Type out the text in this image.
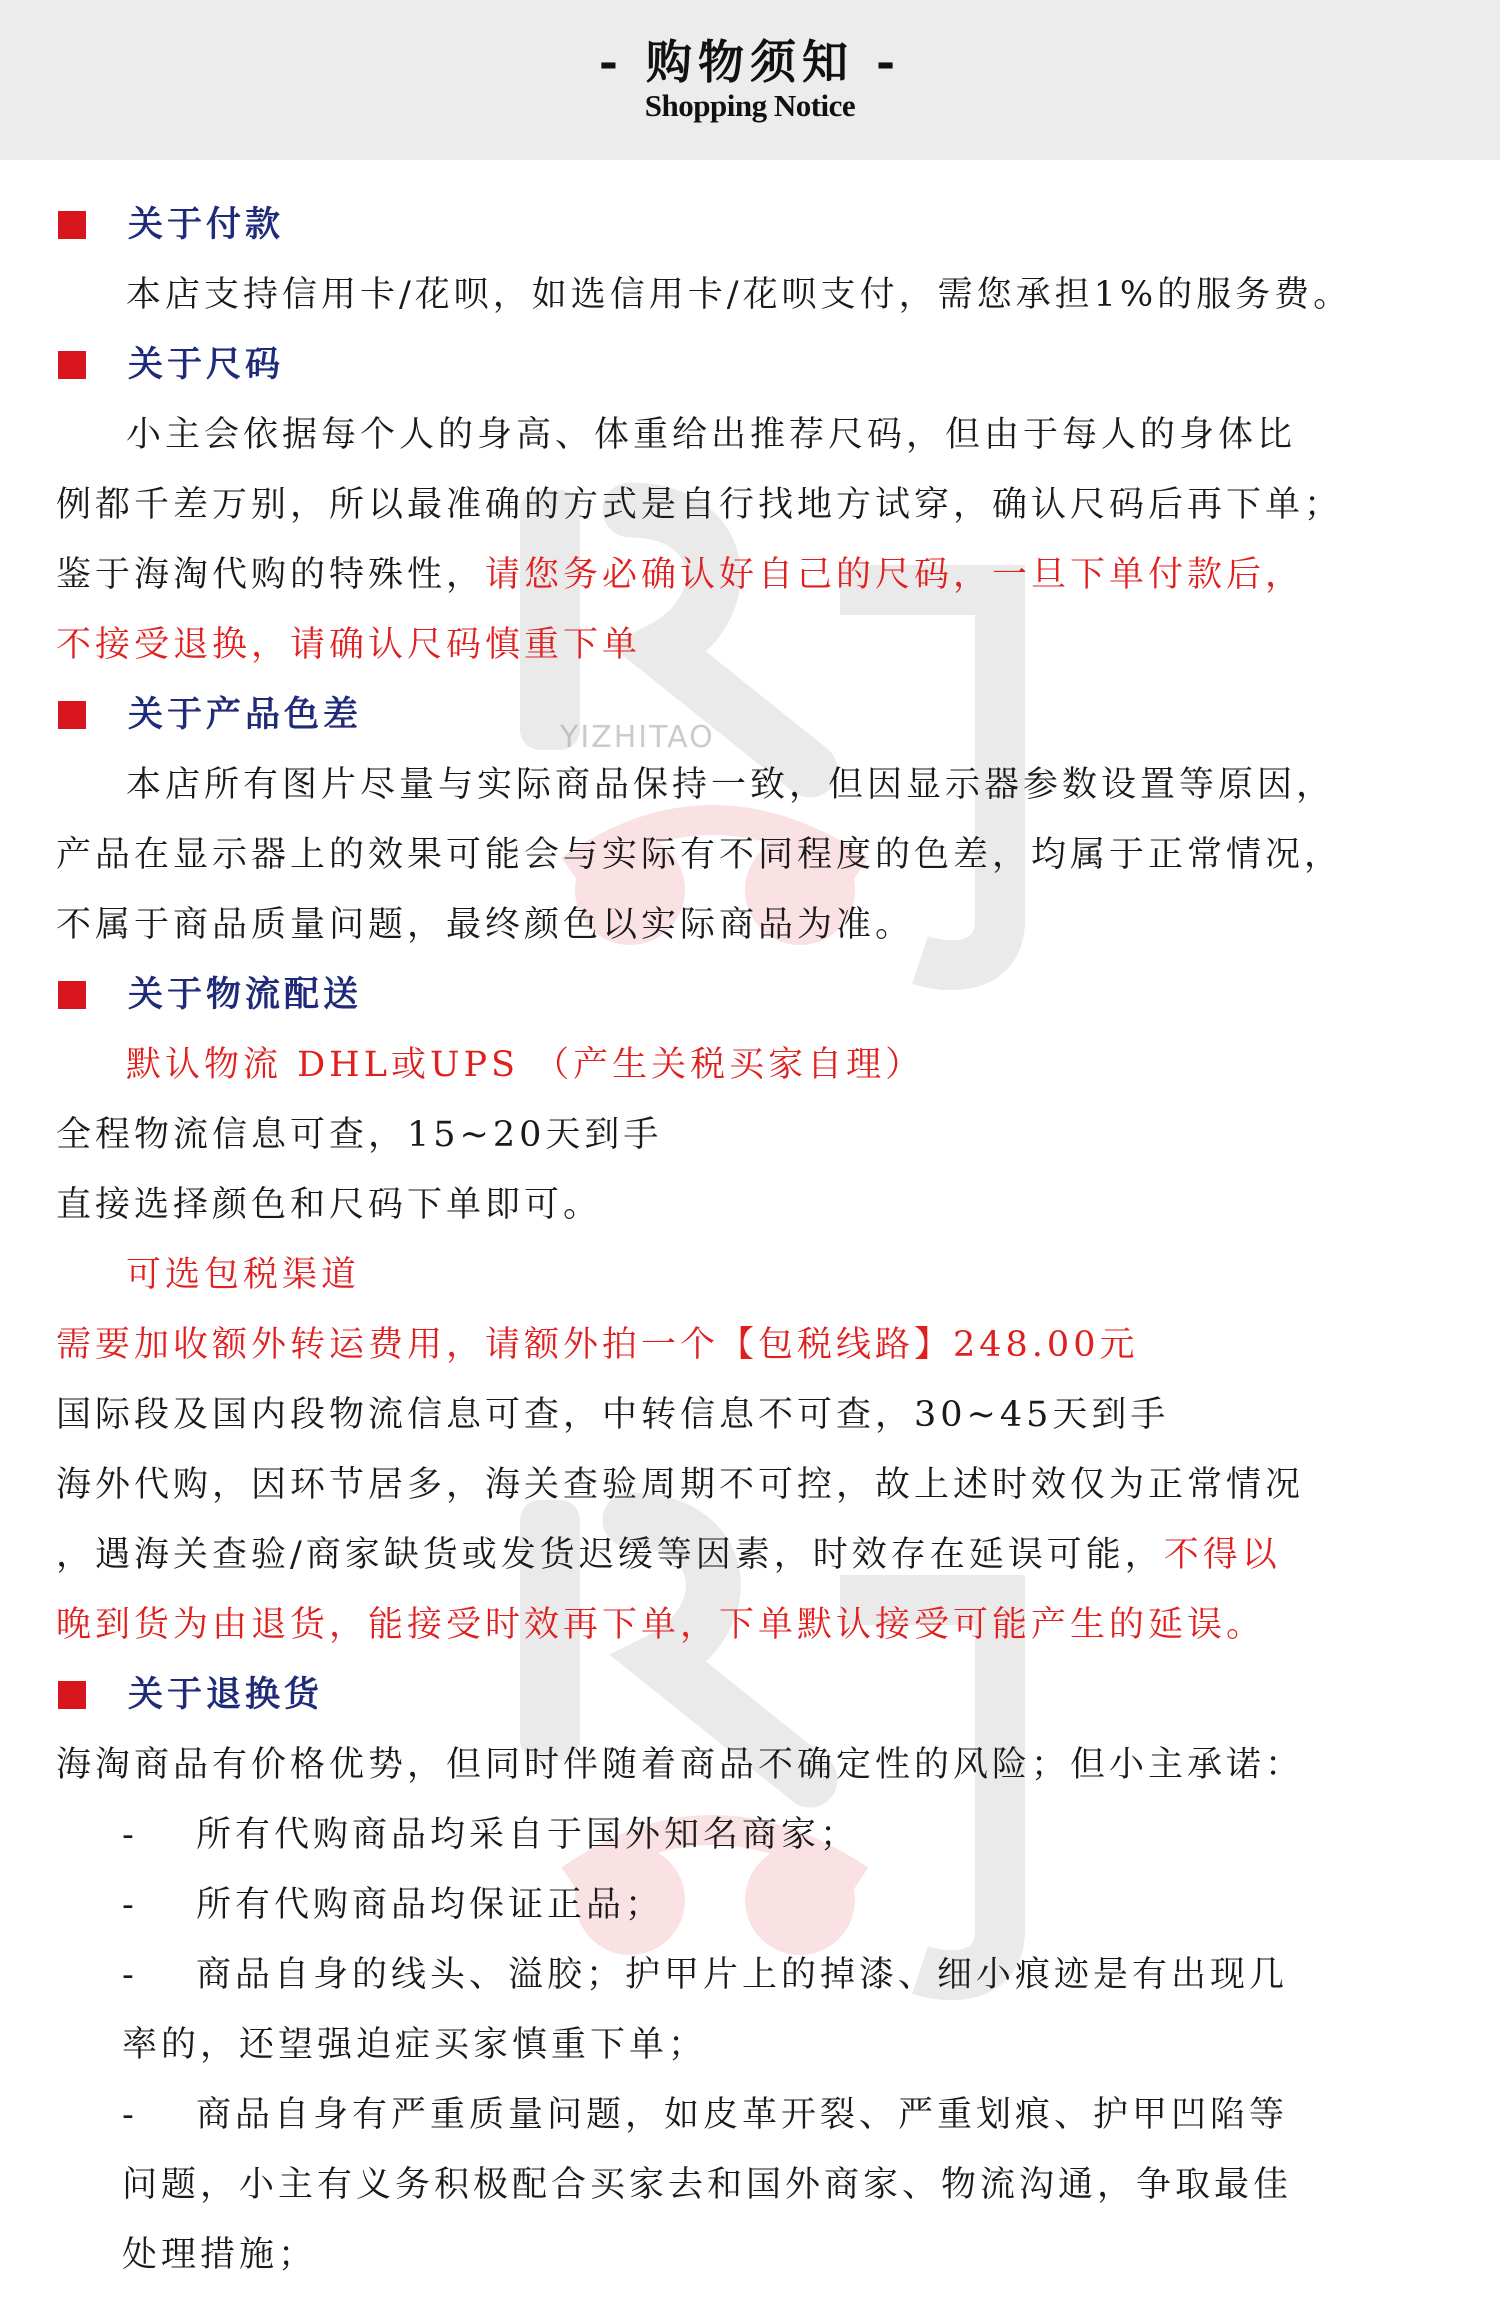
- 购物须知 -
Shopping Notice
YIZHITAO
关于付款
本店支持信用卡/花呗，如选信用卡/花呗支付，需您承担1%的服务费。
关于尺码
小主会依据每个人的身高、体重给出推荐尺码，但由于每人的身体比
例都千差万别，所以最准确的方式是自行找地方试穿，确认尺码后再下单；
鉴于海淘代购的特殊性，请您务必确认好自己的尺码，一旦下单付款后，
不接受退换，请确认尺码慎重下单
关于产品色差
本店所有图片尽量与实际商品保持一致，但因显示器参数设置等原因，
产品在显示器上的效果可能会与实际有不同程度的色差，均属于正常情况，
不属于商品质量问题，最终颜色以实际商品为准。
关于物流配送
默认物流 DHL或UPS （产生关税买家自理）
全程物流信息可查，15~20天到手
直接选择颜色和尺码下单即可。
可选包税渠道
需要加收额外转运费用，请额外拍一个【包税线路】248.00元
国际段及国内段物流信息可查，中转信息不可查，30~45天到手
海外代购，因环节居多，海关查验周期不可控，故上述时效仅为正常情况
，遇海关查验/商家缺货或发货迟缓等因素，时效存在延误可能，不得以
晚到货为由退货，能接受时效再下单，下单默认接受可能产生的延误。
关于退换货
海淘商品有价格优势，但同时伴随着商品不确定性的风险；但小主承诺：
- 所有代购商品均采自于国外知名商家；
- 所有代购商品均保证正品；
- 商品自身的线头、溢胶；护甲片上的掉漆、细小痕迹是有出现几
率的，还望强迫症买家慎重下单；
- 商品自身有严重质量问题，如皮革开裂、严重划痕、护甲凹陷等
问题，小主有义务积极配合买家去和国外商家、物流沟通，争取最佳
处理措施；
